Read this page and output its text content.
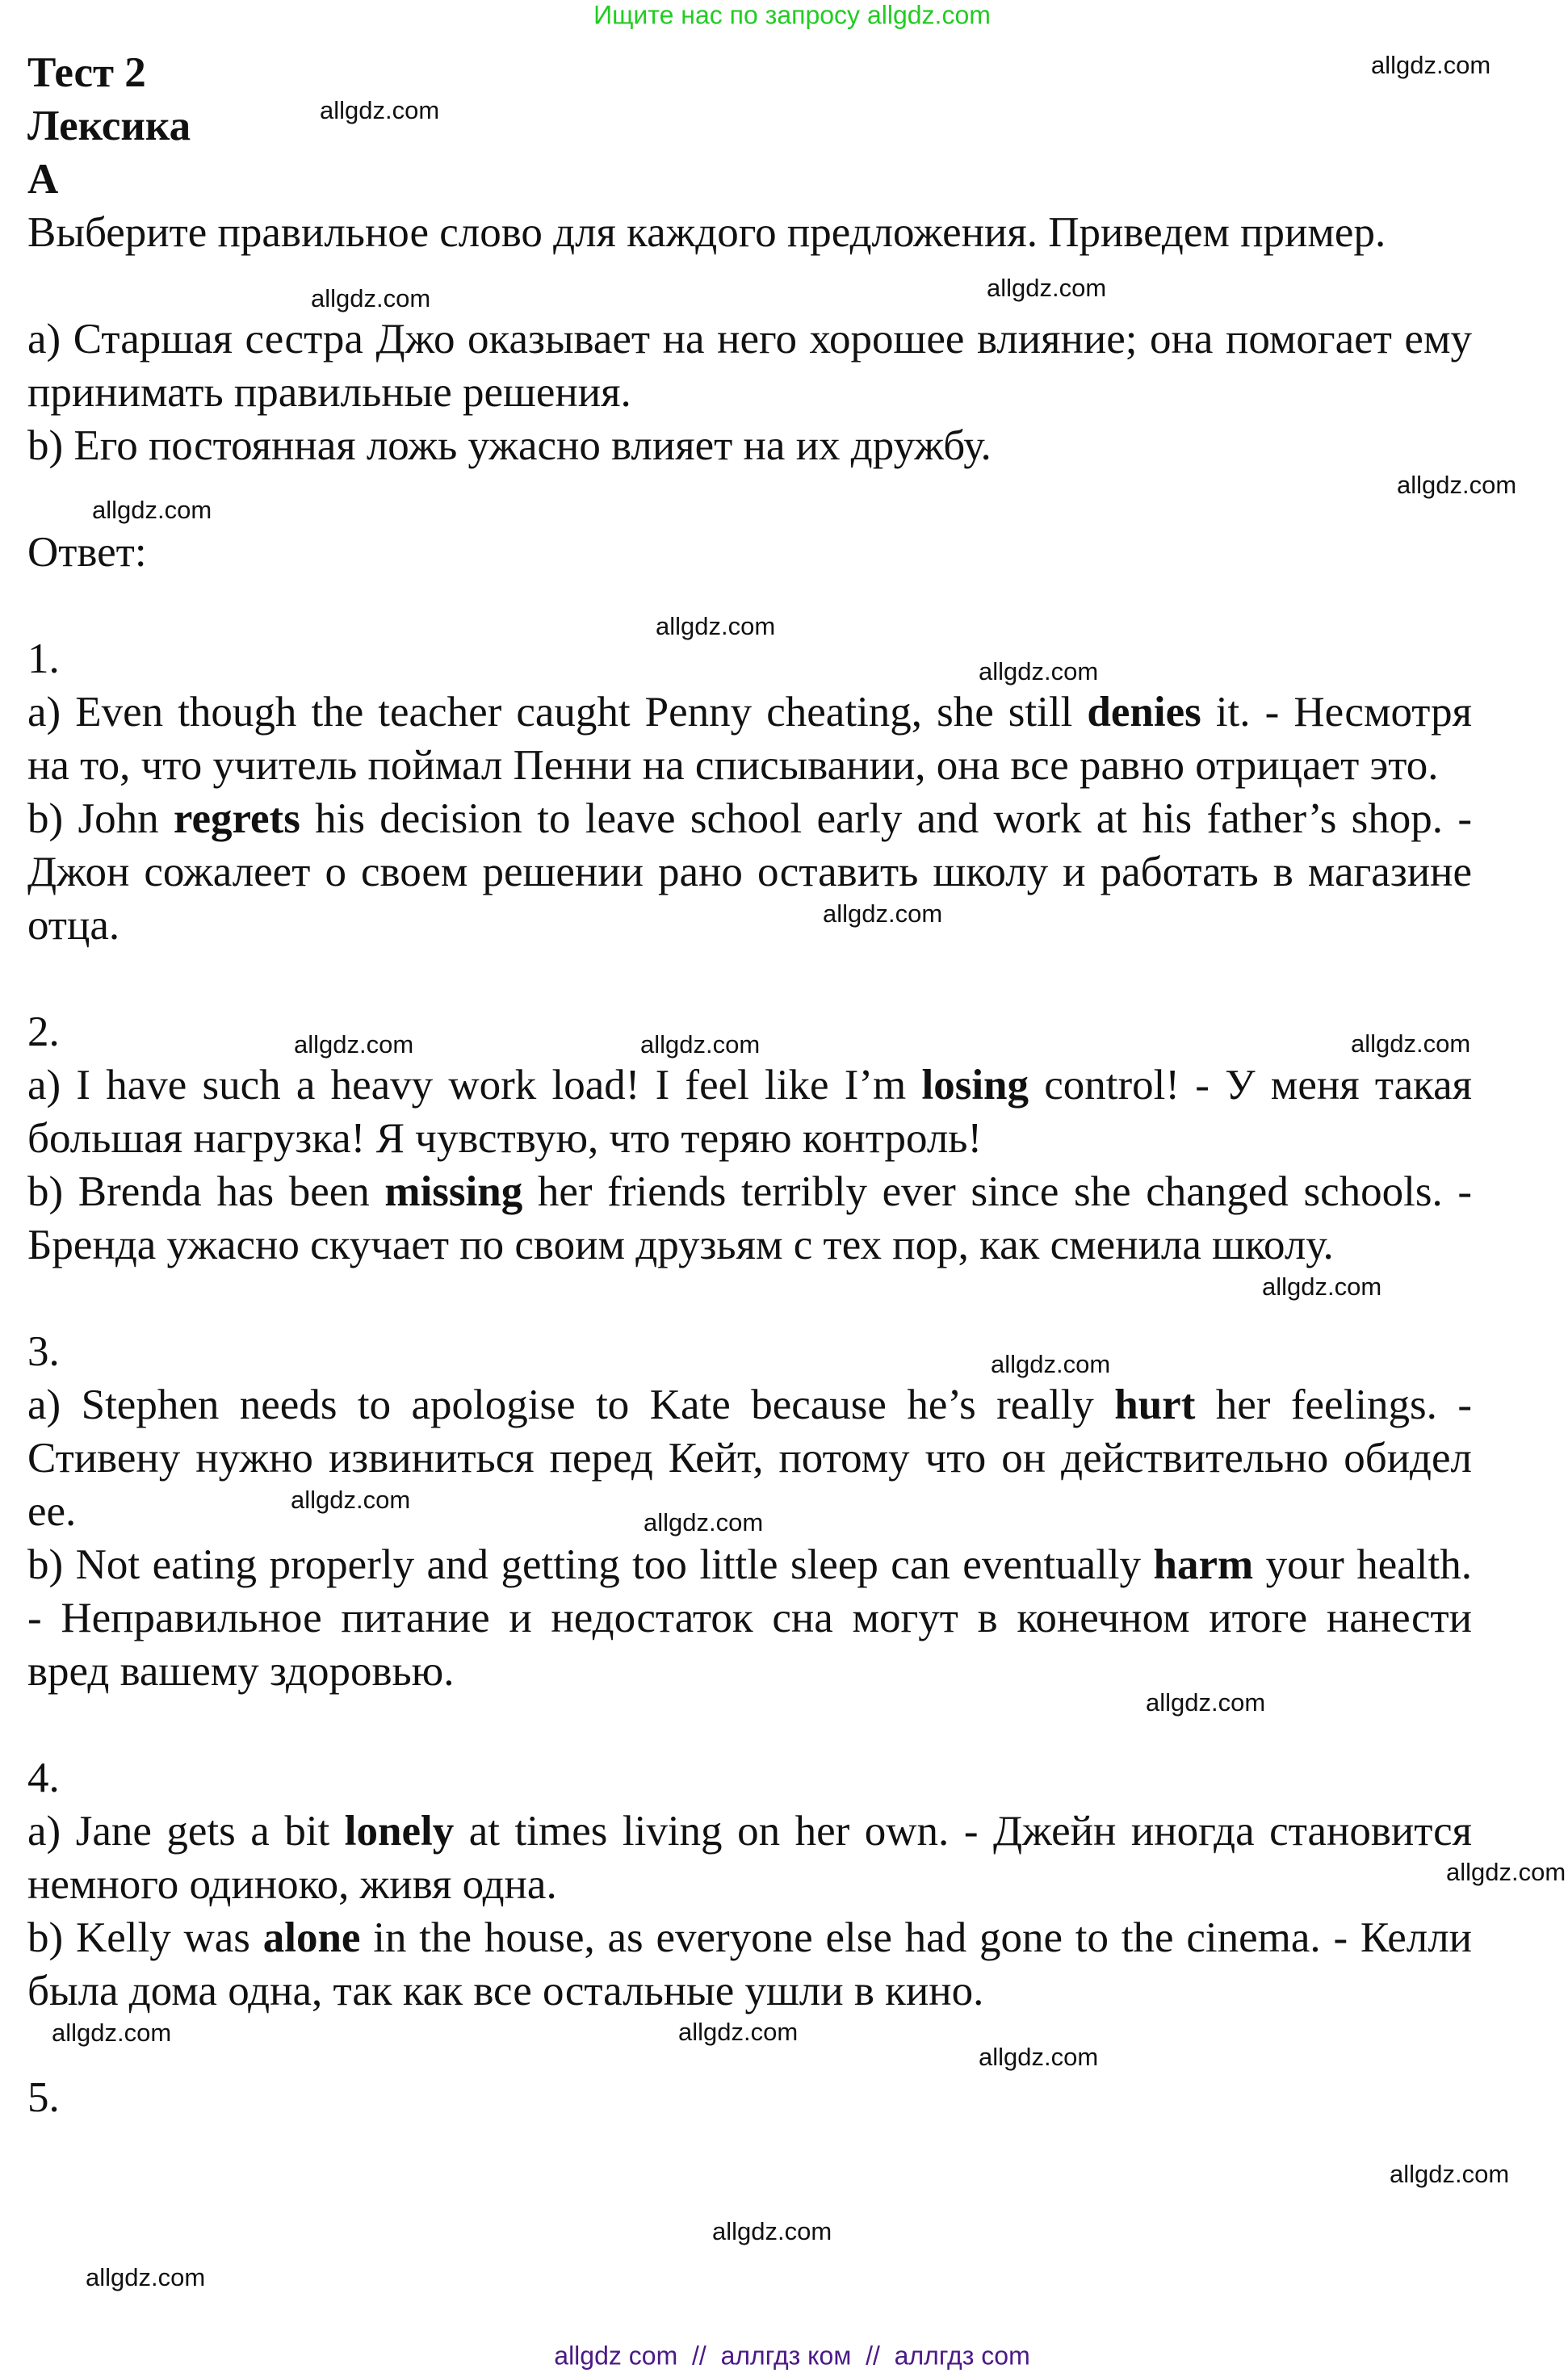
Ищите нас по запросу allgdz.com

Тест 2

Лексика

A

Выберите правильное слово для каждого предложения. Приведем пример.

а) Старшая сестра Джо оказывает на него хорошее влияние; она помогает ему принимать правильные решения.

b) Его постоянная ложь ужасно влияет на их дружбу.

Ответ:

1.

a) Even though the teacher caught Penny cheating, she still denies it. - Несмотря на то, что учитель поймал Пенни на списывании, она все равно отрицает это.

b) John regrets his decision to leave school early and work at his father’s shop. - Джон сожалеет о своем решении рано оставить школу и работать в магазине отца.

2.

a) I have such a heavy work load! I feel like I’m losing control! - У меня такая большая нагрузка! Я чувствую, что теряю контроль!

b) Brenda has been missing her friends terribly ever since she changed schools. - Бренда ужасно скучает по своим друзьям с тех пор, как сменила школу.

3.

a) Stephen needs to apologise to Kate because he’s really hurt her feelings. - Стивену нужно извиниться перед Кейт, потому что он действительно обидел ее.

b) Not eating properly and getting too little sleep can eventually harm your health. - Неправильное питание и недостаток сна могут в конечном итоге нанести вред вашему здоровью.

4.

a) Jane gets a bit lonely at times living on her own. - Джейн иногда становится немного одиноко, живя одна.

b) Kelly was alone in the house, as everyone else had gone to the cinema. - Келли была дома одна, так как все остальные ушли в кино.

5.

allgdz.com
allgdz.com
allgdz.com
allgdz.com
allgdz.com
allgdz.com
allgdz.com
allgdz.com
allgdz.com
allgdz.com
allgdz.com
allgdz.com
allgdz.com
allgdz.com
allgdz.com
allgdz.com
allgdz.com
allgdz.com
allgdz.com	allgdz.com
allgdz.com
allgdz.com
allgdz.com
allgdz.com
allgdz com  //  аллгдз ком  //  аллгдз com
